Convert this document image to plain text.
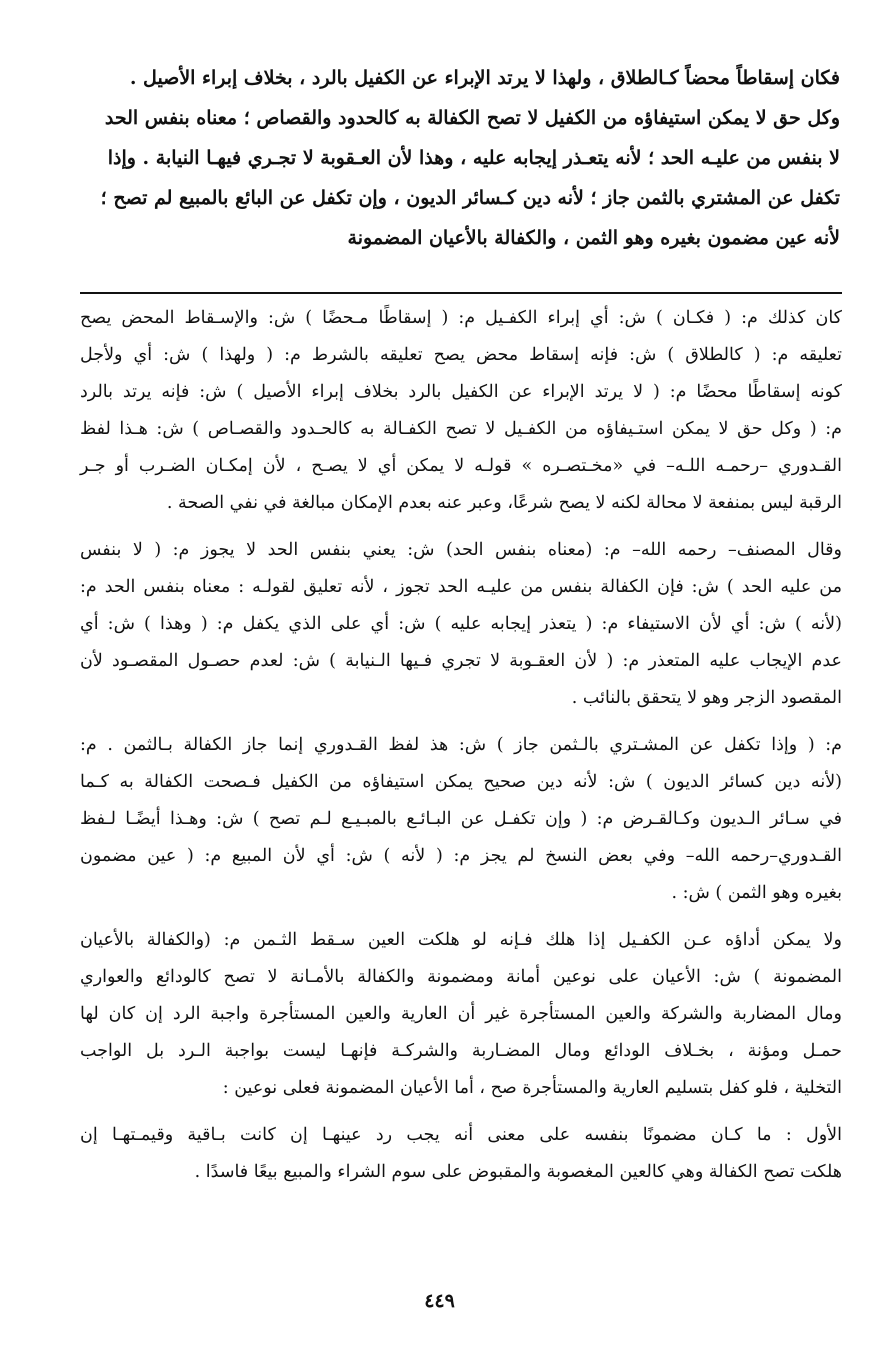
فكان إسقاطاً محضاً كـالطلاق ، ولهذا لا يرتد الإبراء عن الكفيل بالرد ، بخلاف إبراء الأصيل .
وكل حق لا يمكن استيفاؤه من الكفيل لا تصح الكفالة به كالحدود والقصاص ؛ معناه بنفس الحد
لا بنفس من عليـه الحد ؛ لأنه يتعـذر إيجابه عليه ، وهذا لأن العـقوبة لا تجـري فيهـا النيابة . وإذا
تكفل عن المشتري بالثمن جاز ؛ لأنه دين كـسائر الديون ، وإن تكفل عن البائع بالمبيع لم تصح ؛
لأنه عين مضمون بغيره وهو الثمن ، والكفالة بالأعيان المضمونة
كان كذلك م: ( فكـان ) ش: أي إبراء الكفـيل م: ( إسقاطًا مـحضًا ) ش: والإسـقاط المحض يصح
تعليقه م: ( كالطلاق ) ش: فإنه إسقاط محض يصح تعليقه بالشرط م: ( ولهذا ) ش: أي ولأجل
كونه إسقاطًا محضًا م: ( لا يرتد الإبراء عن الكفيل بالرد بخلاف إبراء الأصيل ) ش: فإنه يرتد بالرد
م: ( وكل حق لا يمكن استـيفاؤه من الكفـيل لا تصح الكفـالة به كالحـدود والقصـاص ) ش: هـذا لفظ
القـدوري –رحمـه اللـه– في «مخـتصـره » قولـه لا يمكن أي لا يصـح ، لأن إمكـان الضـرب أو جـر
الرقبة ليس بمنفعة لا محالة لكنه لا يصح شرعًا، وعبر عنه بعدم الإمكان مبالغة في نفي الصحة .
وقال المصنف– رحمه الله– م: (معناه بنفس الحد) ش: يعني بنفس الحد لا يجوز م: ( لا بنفس
من عليه الحد ) ش: فإن الكفالة بنفس من عليـه الحد تجوز ، لأنه تعليق لقولـه : معناه بنفس الحد م:
(لأنه ) ش: أي لأن الاستيفاء م: ( يتعذر إيجابه عليه ) ش: أي على الذي يكفل م: ( وهذا ) ش: أي
عدم الإيجاب عليه المتعذر م: ( لأن العقـوبة لا تجري فـيها الـنيابة ) ش: لعدم حصـول المقصـود لأن
المقصود الزجر وهو لا يتحقق بالنائب .
م: ( وإذا تكفل عن المشـتري بالـثمن جاز ) ش: هذ لفظ القـدوري إنما جاز الكفالة بـالثمن . م:
(لأنه دين كسائر الديون ) ش: لأنه دين صحيح يمكن استيفاؤه من الكفيل فـصحت الكفالة به كـما
في سـائر الـديون وكـالقـرض م: ( وإن تكفـل عن البـائـع بالمبـيـع لـم تصح ) ش: وهـذا أيضًـا لـفظ
القـدوري–رحمه الله– وفي بعض النسخ لم يجز م: ( لأنه ) ش: أي لأن المبيع م: ( عين مضمون
بغيره وهو الثمن ) ش: .
ولا يمكن أداؤه عـن الكفـيل إذا هلك فـإنه لو هلكت العين سـقط الثـمن م: (والكفالة بالأعيان
المضمونة ) ش: الأعيان على نوعين أمانة ومضمونة والكفالة بالأمـانة لا تصح كالودائع والعواري
ومال المضاربة والشركة والعين المستأجرة غير أن العارية والعين المستأجرة واجبة الرد إن كان لها
حمـل ومؤنة ، بخـلاف الودائع ومال المضـاربة والشركـة فإنهـا ليست بواجبة الـرد بل الواجب
التخلية ، فلو كفل بتسليم العارية والمستأجرة صح ، أما الأعيان المضمونة فعلى نوعين :
الأول : ما كـان مضمونًا بنفسه على معنى أنه يجب رد عينهـا إن كانت بـاقية وقيمـتهـا إن
هلكت تصح الكفالة وهي كالعين المغصوبة والمقبوض على سوم الشراء والمبيع بيعًا فاسدًا .
٤٤٩
